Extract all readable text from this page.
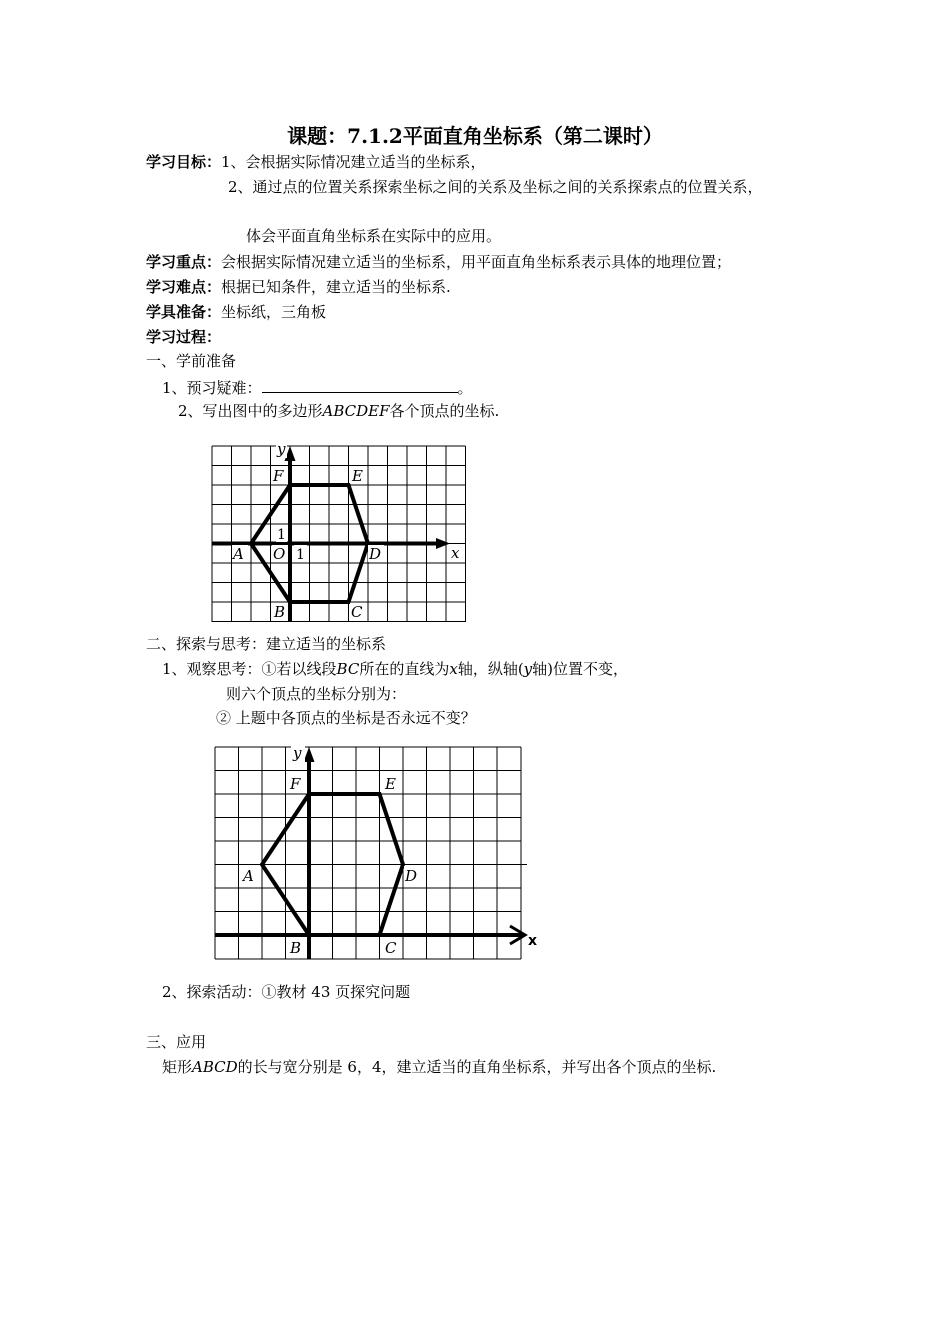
课题：7.1.2平面直角坐标系（第二课时）
学习目标：1、会根据实际情况建立适当的坐标系，
2、通过点的位置关系探索坐标之间的关系及坐标之间的关系探索点的位置关系，
体会平面直角坐标系在实际中的应用。
学习重点：会根据实际情况建立适当的坐标系，用平面直角坐标系表示具体的地理位置；
学习难点：根据已知条件，建立适当的坐标系.
学具准备：坐标纸，三角板
学习过程：
一、学前准备
1、预习疑难：	。
2、写出图中的多边形ABCDEF各个顶点的坐标.
y
F	E
1
A O 1	D	x
B	C
二、探索与思考：建立适当的坐标系
1、观察思考：①若以线段BC所在的直线为x轴，纵轴(y轴)位置不变，
则六个顶点的坐标分别为：
② 上题中各顶点的坐标是否永远不变？
y
F	E
A	D
B	C	x
2、探索活动：①教材 43 页探究问题
三、应用
矩形ABCD的长与宽分别是 6，4，建立适当的直角坐标系，并写出各个顶点的坐标.
